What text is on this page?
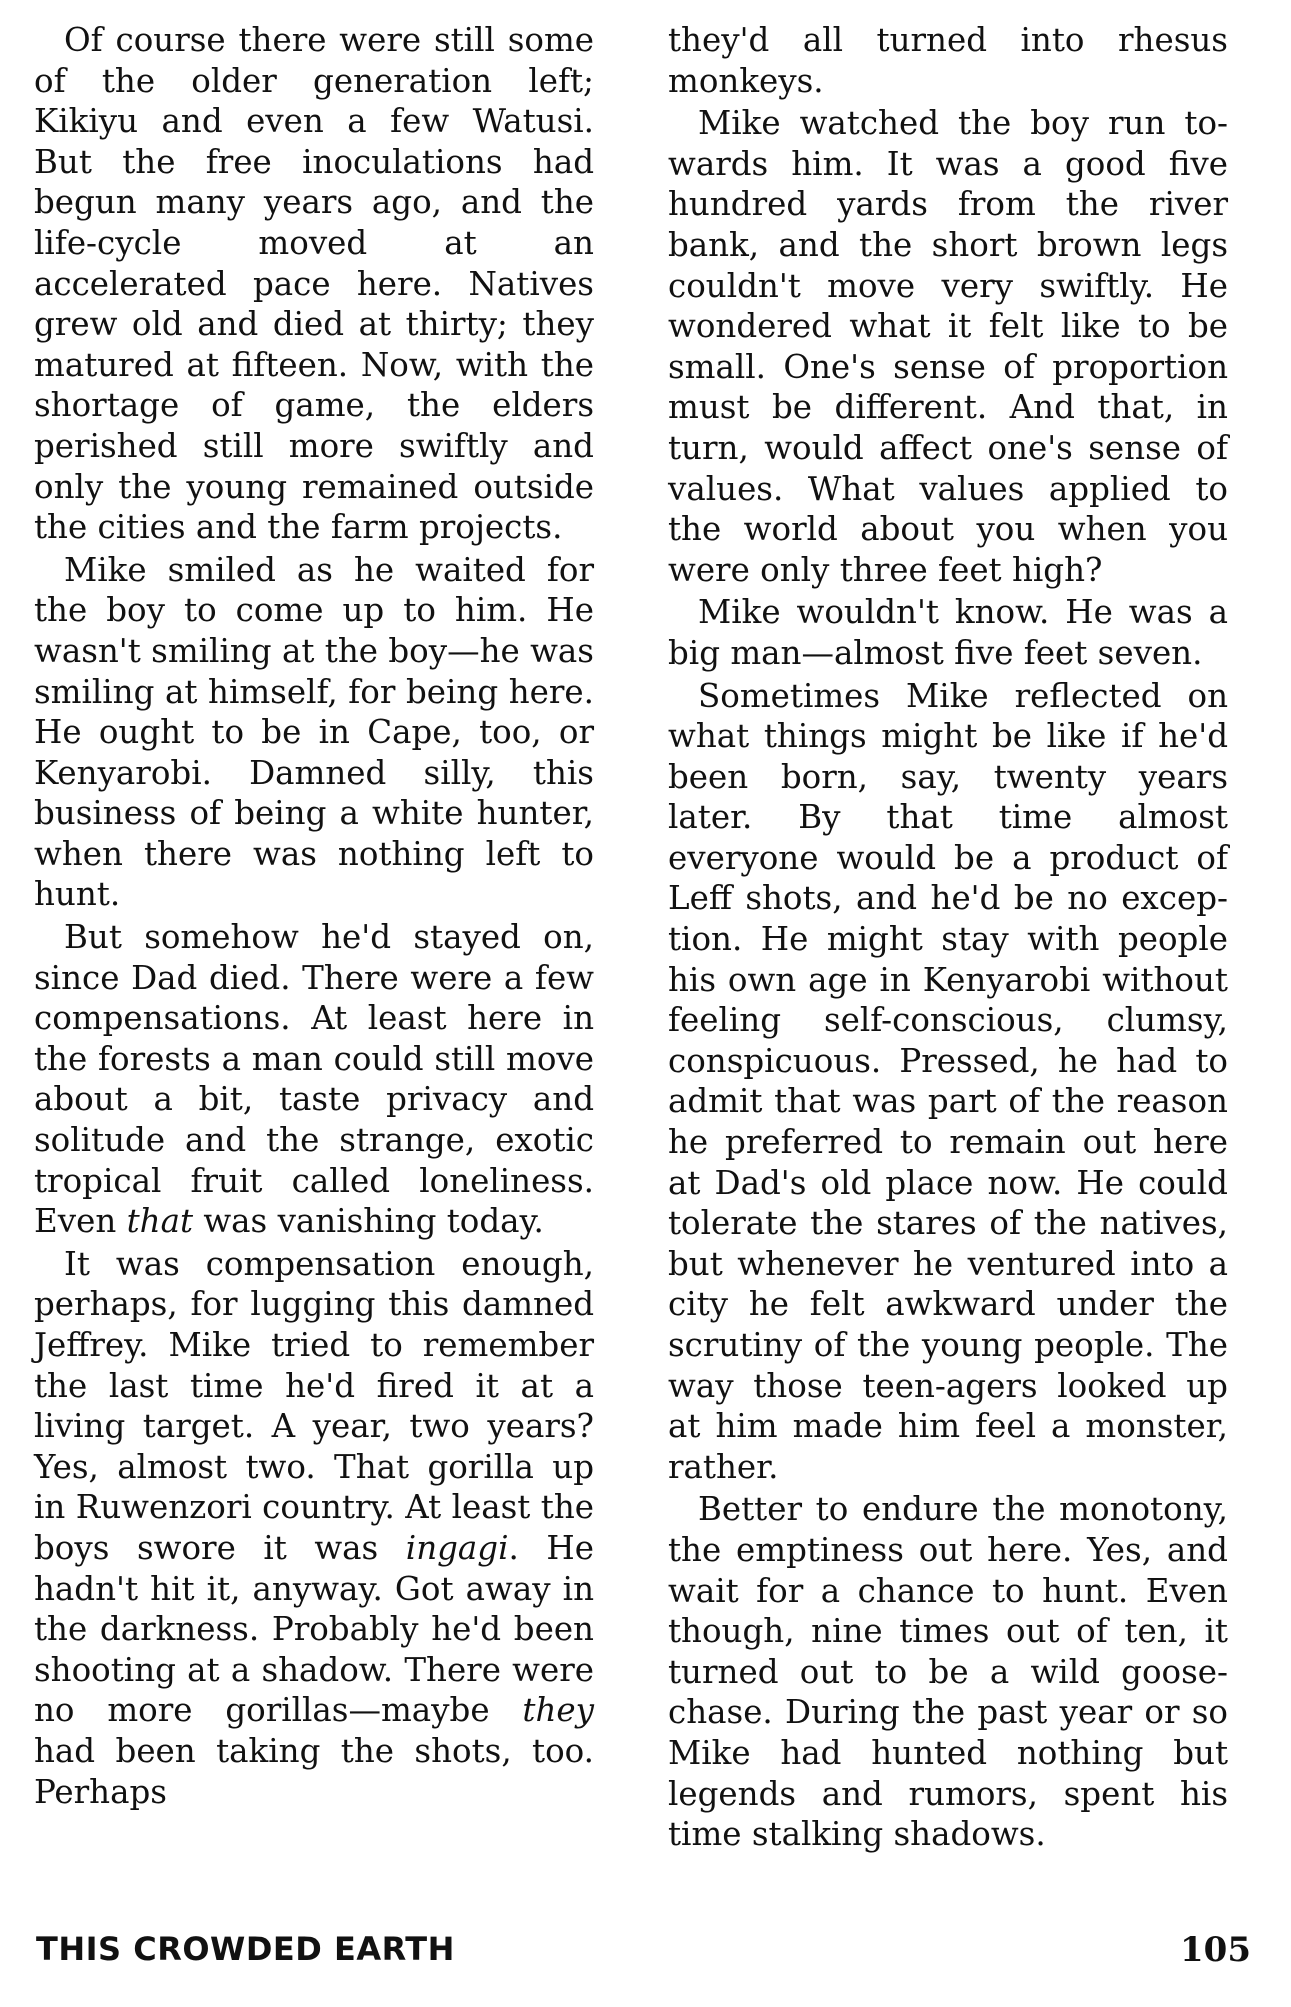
Of course there were still some of the older generation left; Kikiyu and even a few Watusi. But the free inoculations had begun many years ago, and the life-cycle moved at an accelerated pace here. Natives grew old and died at thirty; they matured at fifteen. Now, with the shortage of game, the elders perished still more swiftly and only the young remained outside the cities and the farm projects.

Mike smiled as he waited for the boy to come up to him. He wasn't smiling at the boy—he was smiling at himself, for being here. He ought to be in Cape, too, or Kenyarobi. Damned silly, this business of being a white hunter, when there was nothing left to hunt.

But somehow he'd stayed on, since Dad died. There were a few compensations. At least here in the forests a man could still move about a bit, taste privacy and solitude and the strange, exotic tropical fruit called loneliness. Even that was vanishing today.

It was compensation enough, perhaps, for lugging this damned Jeffrey. Mike tried to remember the last time he'd fired it at a living target. A year, two years? Yes, almost two. That gorilla up in Ruwenzori country. At least the boys swore it was ingagi. He hadn't hit it, anyway. Got away in the darkness. Probably he'd been shooting at a shadow. There were no more gorillas—maybe they had been taking the shots, too. Perhaps

they'd all turned into rhesus monkeys.

Mike watched the boy run towards him. It was a good five hundred yards from the river bank, and the short brown legs couldn't move very swiftly. He wondered what it felt like to be small. One's sense of proportion must be different. And that, in turn, would affect one's sense of values. What values applied to the world about you when you were only three feet high?

Mike wouldn't know. He was a big man—almost five feet seven.

Sometimes Mike reflected on what things might be like if he'd been born, say, twenty years later. By that time almost everyone would be a product of Leff shots, and he'd be no exception. He might stay with people his own age in Kenyarobi without feeling self-conscious, clumsy, conspicuous. Pressed, he had to admit that was part of the reason he preferred to remain out here at Dad's old place now. He could tolerate the stares of the natives, but whenever he ventured into a city he felt awkward under the scrutiny of the young people. The way those teen-agers looked up at him made him feel a monster, rather.

Better to endure the monotony, the emptiness out here. Yes, and wait for a chance to hunt. Even though, nine times out of ten, it turned out to be a wild goose-chase. During the past year or so Mike had hunted nothing but legends and rumors, spent his time stalking shadows.

THIS CROWDED EARTH	105
